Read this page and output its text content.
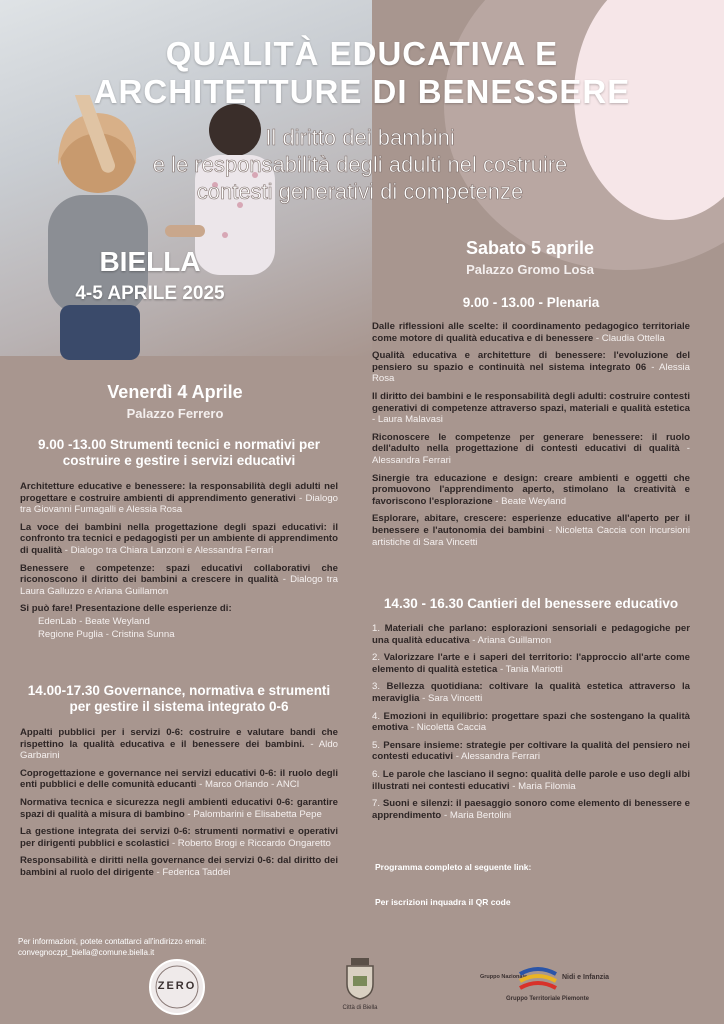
QUALITÀ EDUCATIVA E
ARCHITETTURE DI BENESSERE
Il diritto dei bambini
e le responsabilità degli adulti nel costruire
contesti generativi di competenze
BIELLA
4-5 APRILE 2025
Sabato 5 aprile
Palazzo Gromo Losa
Venerdì 4 Aprile
Palazzo Ferrero
9.00 -13.00 Strumenti tecnici e normativi per costruire e gestire i servizi educativi
Architetture educative e benessere: la responsabilità degli adulti nel progettare e costruire ambienti di apprendimento generativi - Dialogo tra Giovanni Fumagalli e Alessia Rosa
La voce dei bambini nella progettazione degli spazi educativi: il confronto tra tecnici e pedagogisti per un ambiente di apprendimento di qualità - Dialogo tra Chiara Lanzoni e Alessandra Ferrari
Benessere e competenze: spazi educativi collaborativi che riconoscono il diritto dei bambini a crescere in qualità - Dialogo tra Laura Galluzzo e Ariana Guillamon
Si può fare! Presentazione delle esperienze di:
EdenLab - Beate Weyland
Regione Puglia - Cristina Sunna
14.00-17.30 Governance, normativa e strumenti per gestire il sistema integrato 0-6
Appalti pubblici per i servizi 0-6: costruire e valutare bandi che rispettino la qualità educativa e il benessere dei bambini. - Aldo Garbarini
Coprogettazione e governance nei servizi educativi 0-6: il ruolo degli enti pubblici e delle comunità educanti - Marco Orlando - ANCI
Normativa tecnica e sicurezza negli ambienti educativi 0-6: garantire spazi di qualità a misura di bambino - Palombarini e Elisabetta Pepe
La gestione integrata dei servizi 0-6: strumenti normativi e operativi per dirigenti pubblici e scolastici - Roberto Brogi e Riccardo Ongaretto
Responsabilità e diritti nella governance dei servizi 0-6: dal diritto dei bambini al ruolo del dirigente - Federica Taddei
9.00 - 13.00 - Plenaria
Dalle riflessioni alle scelte: il coordinamento pedagogico territoriale come motore di qualità educativa e di benessere - Claudia Ottella
Qualità educativa e architetture di benessere: l'evoluzione del pensiero su spazio e continuità nel sistema integrato 06 - Alessia Rosa
Il diritto dei bambini e le responsabilità degli adulti: costruire contesti generativi di competenze attraverso spazi, materiali e qualità estetica - Laura Malavasi
Riconoscere le competenze per generare benessere: il ruolo dell'adulto nella progettazione di contesti educativi di qualità - Alessandra Ferrari
Sinergie tra educazione e design: creare ambienti e oggetti che promuovono l'apprendimento aperto, stimolano la creatività e favoriscono l'esplorazione - Beate Weyland
Esplorare, abitare, crescere: esperienze educative all'aperto per il benessere e l'autonomia dei bambini - Nicoletta Caccia con incursioni artistiche di Sara Vincetti
14.30 - 16.30 Cantieri del benessere educativo
1. Materiali che parlano: esplorazioni sensoriali e pedagogiche per una qualità educativa - Ariana Guillamon
2. Valorizzare l'arte e i saperi del territorio: l'approccio all'arte come elemento di qualità estetica - Tania Mariotti
3. Bellezza quotidiana: coltivare la qualità estetica attraverso la meraviglia - Sara Vincetti
4. Emozioni in equilibrio: progettare spazi che sostengano la qualità emotiva - Nicoletta Caccia
5. Pensare insieme: strategie per coltivare la qualità del pensiero nei contesti educativi - Alessandra Ferrari
6. Le parole che lasciano il segno: qualità delle parole e uso degli albi illustrati nei contesti educativi - Maria Filomia
7. Suoni e silenzi: il paesaggio sonoro come elemento di benessere e apprendimento - Maria Bertolini
Programma completo al seguente link:
Per iscrizioni inquadra il QR code
Per informazioni, potete contattarci all'indirizzo email:
convegnoczpt_biella@comune.biella.it
ZERO
Città di Biella
Gruppo Nazionale	Nidi e Infanzia
Gruppo Territoriale Piemonte
